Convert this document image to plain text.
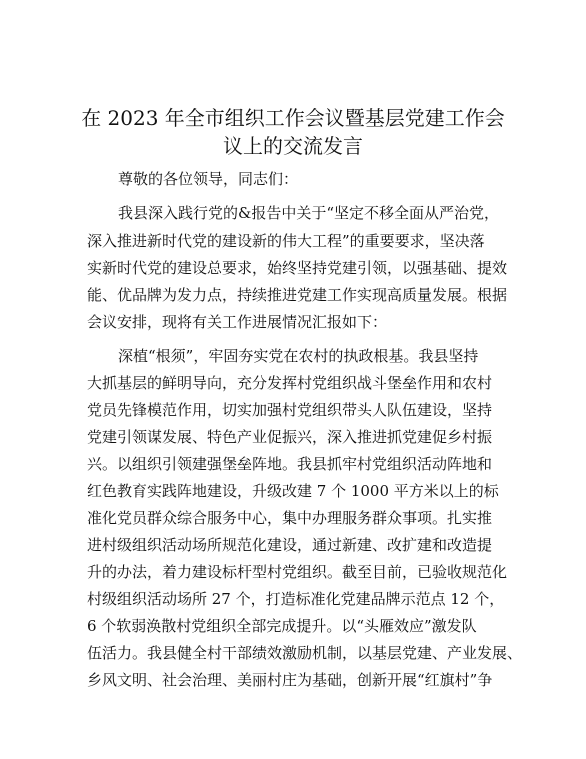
在 2023 年全市组织工作会议暨基层党建工作会
议上的交流发言
尊敬的各位领导，同志们：
我县深入践行党的&报告中关于“坚定不移全面从严治党，
深入推进新时代党的建设新的伟大工程”的重要要求，坚决落
实新时代党的建设总要求，始终坚持党建引领，以强基础、提效
能、优品牌为发力点，持续推进党建工作实现高质量发展。根据
会议安排，现将有关工作进展情况汇报如下：
深植“根须”，牢固夯实党在农村的执政根基。我县坚持
大抓基层的鲜明导向，充分发挥村党组织战斗堡垒作用和农村
党员先锋模范作用，切实加强村党组织带头人队伍建设，坚持
党建引领谋发展、特色产业促振兴，深入推进抓党建促乡村振
兴。以组织引领建强堡垒阵地。我县抓牢村党组织活动阵地和
红色教育实践阵地建设，升级改建 7 个 1000 平方米以上的标
准化党员群众综合服务中心，集中办理服务群众事项。扎实推
进村级组织活动场所规范化建设，通过新建、改扩建和改造提
升的办法，着力建设标杆型村党组织。截至目前，已验收规范化
村级组织活动场所 27 个，打造标准化党建品牌示范点 12 个，
6 个软弱涣散村党组织全部完成提升。以“头雁效应”激发队
伍活力。我县健全村干部绩效激励机制，以基层党建、产业发展、
乡风文明、社会治理、美丽村庄为基础，创新开展“红旗村”争
